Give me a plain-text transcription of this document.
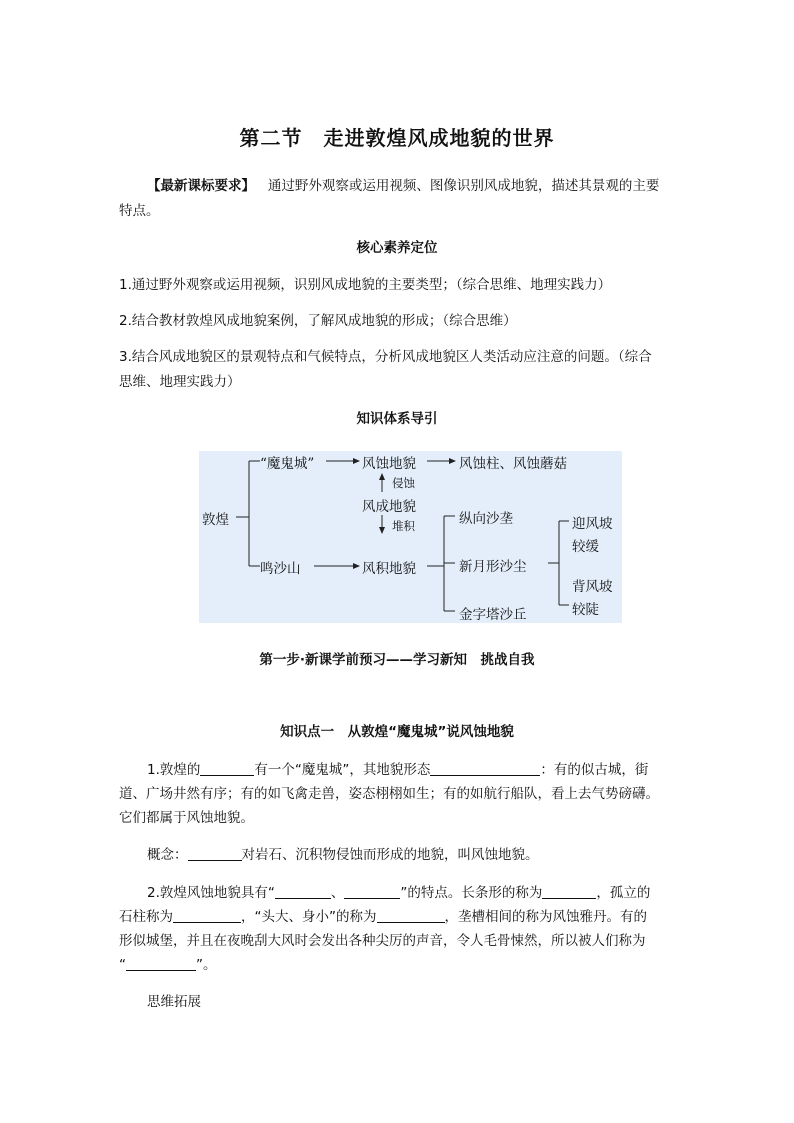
第二节　走进敦煌风成地貌的世界
【最新课标要求】 通过野外观察或运用视频、图像识别风成地貌，描述其景观的主要
特点。
核心素养定位
1.通过野外观察或运用视频，识别风成地貌的主要类型；（综合思维、地理实践力）
2.结合教材敦煌风成地貌案例，了解风成地貌的形成；（综合思维）
3.结合风成地貌区的景观特点和气候特点，分析风成地貌区人类活动应注意的问题。（综合
思维、地理实践力）
知识体系导引
敦煌
“魔鬼城”	风蚀地貌	风蚀柱、风蚀蘑菇
侵蚀
风成地貌
堆积
鸣沙山	风积地貌
纵向沙垄
新月形沙尘
金字塔沙丘
迎风坡
较缓
背风坡
较陡
第一步·新课学前预习——学习新知　挑战自我
知识点一　从敦煌“魔鬼城”说风蚀地貌
1.敦煌的	有一个“魔鬼城”，其地貌形态	：有的似古城，街
道、广场井然有序；有的如飞禽走兽，姿态栩栩如生；有的如航行船队，看上去气势磅礴。
它们都属于风蚀地貌。
概念：	对岩石、沉积物侵蚀而形成的地貌，叫风蚀地貌。
2.敦煌风蚀地貌具有“	、	”的特点。长条形的称为	，孤立的
石柱称为	，“头大、身小”的称为	，垄槽相间的称为风蚀雅丹。有的
形似城堡，并且在夜晚刮大风时会发出各种尖厉的声音，令人毛骨悚然，所以被人们称为
“	”。
思维拓展
